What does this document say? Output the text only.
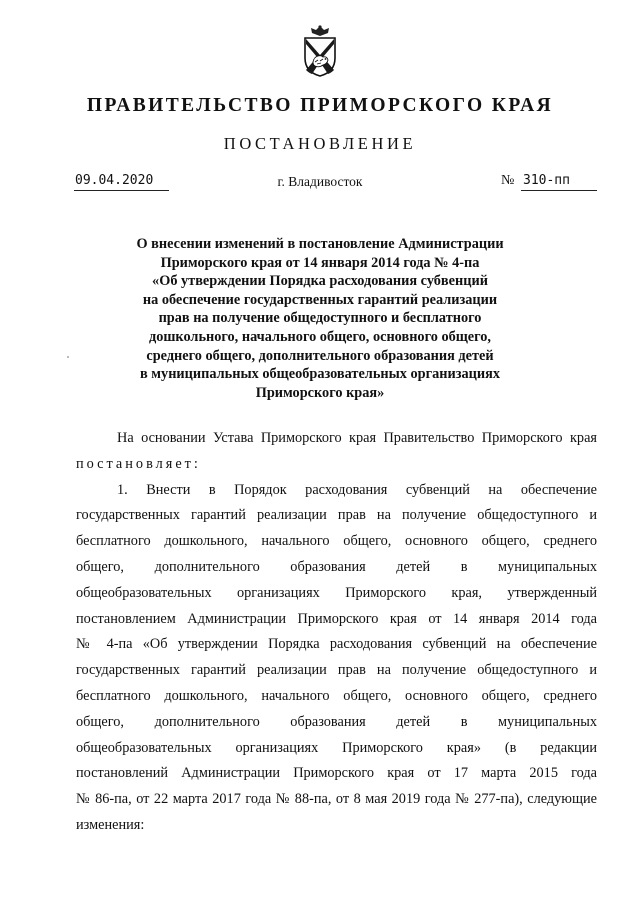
ПРАВИТЕЛЬСТВО ПРИМОРСКОГО КРАЯ
ПОСТАНОВЛЕНИЕ
09.04.2020	г. Владивосток	№ 310-пп
О внесении изменений в постановление Администрации
Приморского края от 14 января 2014 года № 4-па
«Об утверждении Порядка расходования субвенций
на обеспечение государственных гарантий реализации
прав на получение общедоступного и бесплатного
дошкольного, начального общего, основного общего,
среднего общего, дополнительного образования детей
в муниципальных общеобразовательных организациях
Приморского края»
На основании Устава Приморского края Правительство Приморского края
постановляет:
1. Внести в Порядок расходования субвенций на обеспечение
государственных гарантий реализации прав на получение общедоступного и
бесплатного дошкольного, начального общего, основного общего, среднего
общего, дополнительного образования детей в муниципальных
общеобразовательных организациях Приморского края, утвержденный
постановлением Администрации Приморского края от 14 января 2014 года
№ 4-па «Об утверждении Порядка расходования субвенций на обеспечение
государственных гарантий реализации прав на получение общедоступного и
бесплатного дошкольного, начального общего, основного общего, среднего
общего, дополнительного образования детей в муниципальных
общеобразовательных организациях Приморского края» (в редакции
постановлений Администрации Приморского края от 17 марта 2015 года
№ 86-па, от 22 марта 2017 года № 88-па, от 8 мая 2019 года № 277-па), следующие
изменения:
